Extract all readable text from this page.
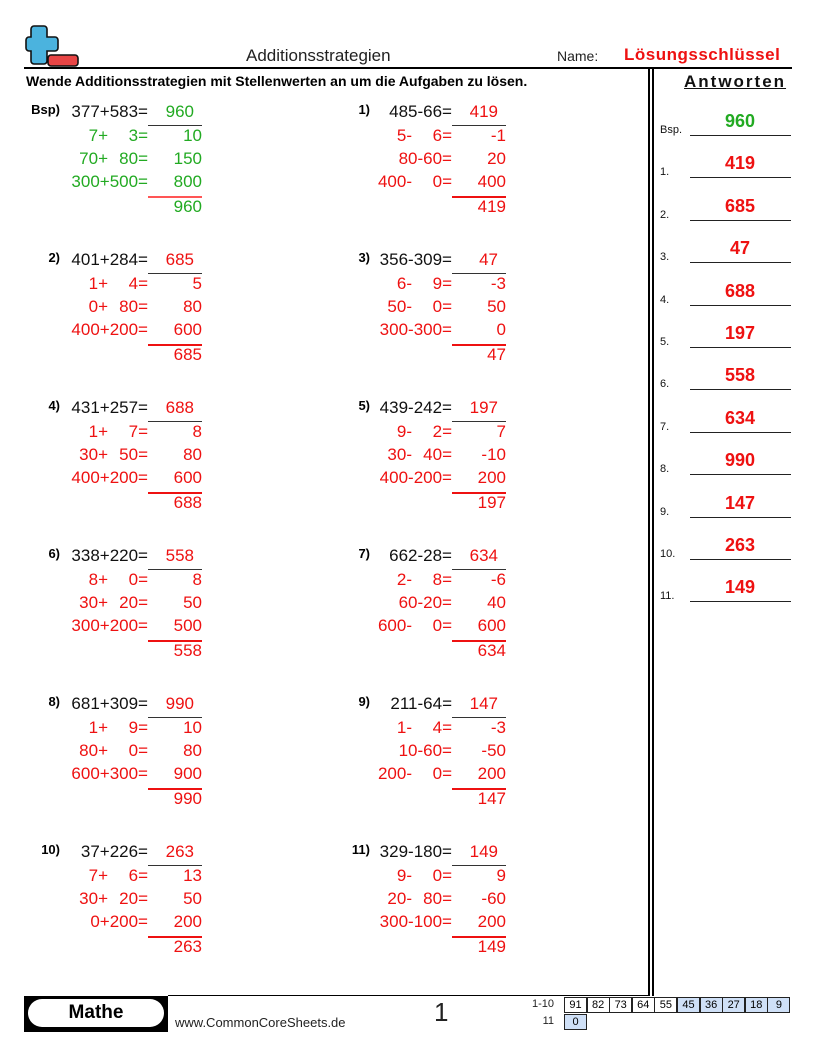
Additionsstrategien	Name: Lösungsschlüssel
Wende Additionsstrategien mit Stellenwerten an um die Aufgaben zu lösen.	Antworten
Bsp) 377+583= 960
7+ 3= 10
70+ 80= 150
300+500= 800
960
1) 485-66= 419
5- 6= -1
80-60= 20
400- 0= 400
419
2) 401+284= 685
1+ 4=	5
0+ 80= 80
400+200= 600
685
3) 356-309= 47
6- 9= -3
50- 0= 50
300-300=	0
47
4) 431+257= 688
1+ 7=	8
30+ 50= 80
400+200= 600
688
5) 439-242= 197
9- 2=	7
30- 40= -10
400-200= 200
197
6) 338+220= 558
8+ 0=	8
30+ 20= 50
300+200= 500
558
7) 662-28= 634
2- 8= -6
60-20= 40
600- 0= 600
634
8) 681+309= 990
1+ 9= 10
80+ 0= 80
600+300= 900
990
9) 211-64= 147
1- 4= -3
10-60= -50
200- 0= 200
147
10) 37+226= 263
7+ 6= 13
30+ 20= 50
0+200= 200
263
11) 329-180= 149
9- 0=	9
20- 80= -60
300-100= 200
149
Bsp.	960
1.	419
2.	685
3.	47
4.	688
5.	197
6.	558
7.	634
8.	990
9.	147
10.	263
11.	149
Mathe	www.CommonCoreSheets.de	1	1-10	91 82 73 64 55 45 36 27 18	9
11	0
